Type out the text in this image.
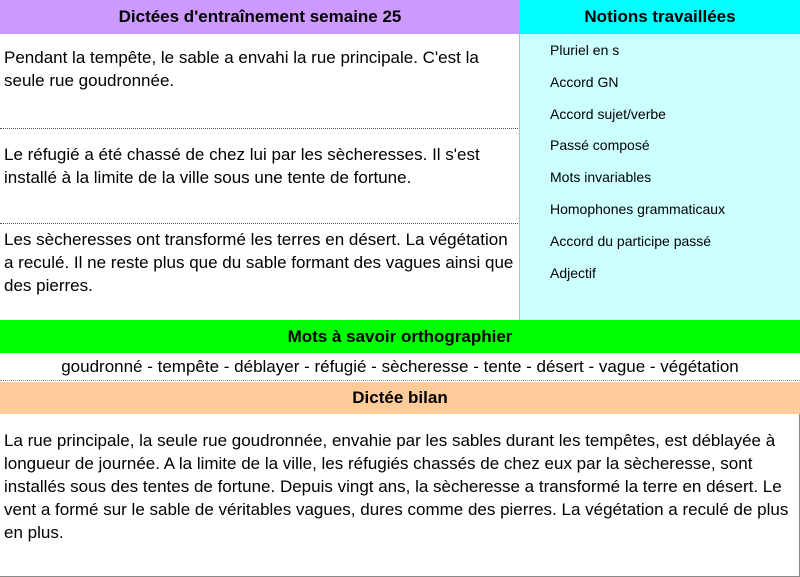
Dictées d'entraînement semaine 25	Notions travaillées
Pendant la tempête, le sable a envahi la rue principale. C'est la seule rue goudronnée.
Le réfugié a été chassé de chez lui par les sècheresses. Il s'est installé à la limite de la ville sous une tente de fortune.
Les sècheresses ont transformé les terres en désert. La végétation a reculé. Il ne reste plus que du sable formant des vagues ainsi que des pierres.
Pluriel en s
Accord GN
Accord sujet/verbe
Passé composé
Mots invariables
Homophones grammaticaux
Accord du participe passé
Adjectif
Mots à savoir orthographier
goudronné - tempête - déblayer - réfugié - sècheresse - tente - désert - vague - végétation
Dictée bilan
La rue principale, la seule rue goudronnée, envahie par les sables durant les tempêtes, est déblayée à longueur de journée. A la limite de la ville, les réfugiés chassés de chez eux par la sècheresse, sont installés sous des tentes de fortune. Depuis vingt ans, la sècheresse a transformé la terre en désert. Le vent a formé sur le sable de véritables vagues, dures comme des pierres. La végétation a reculé de plus en plus.
